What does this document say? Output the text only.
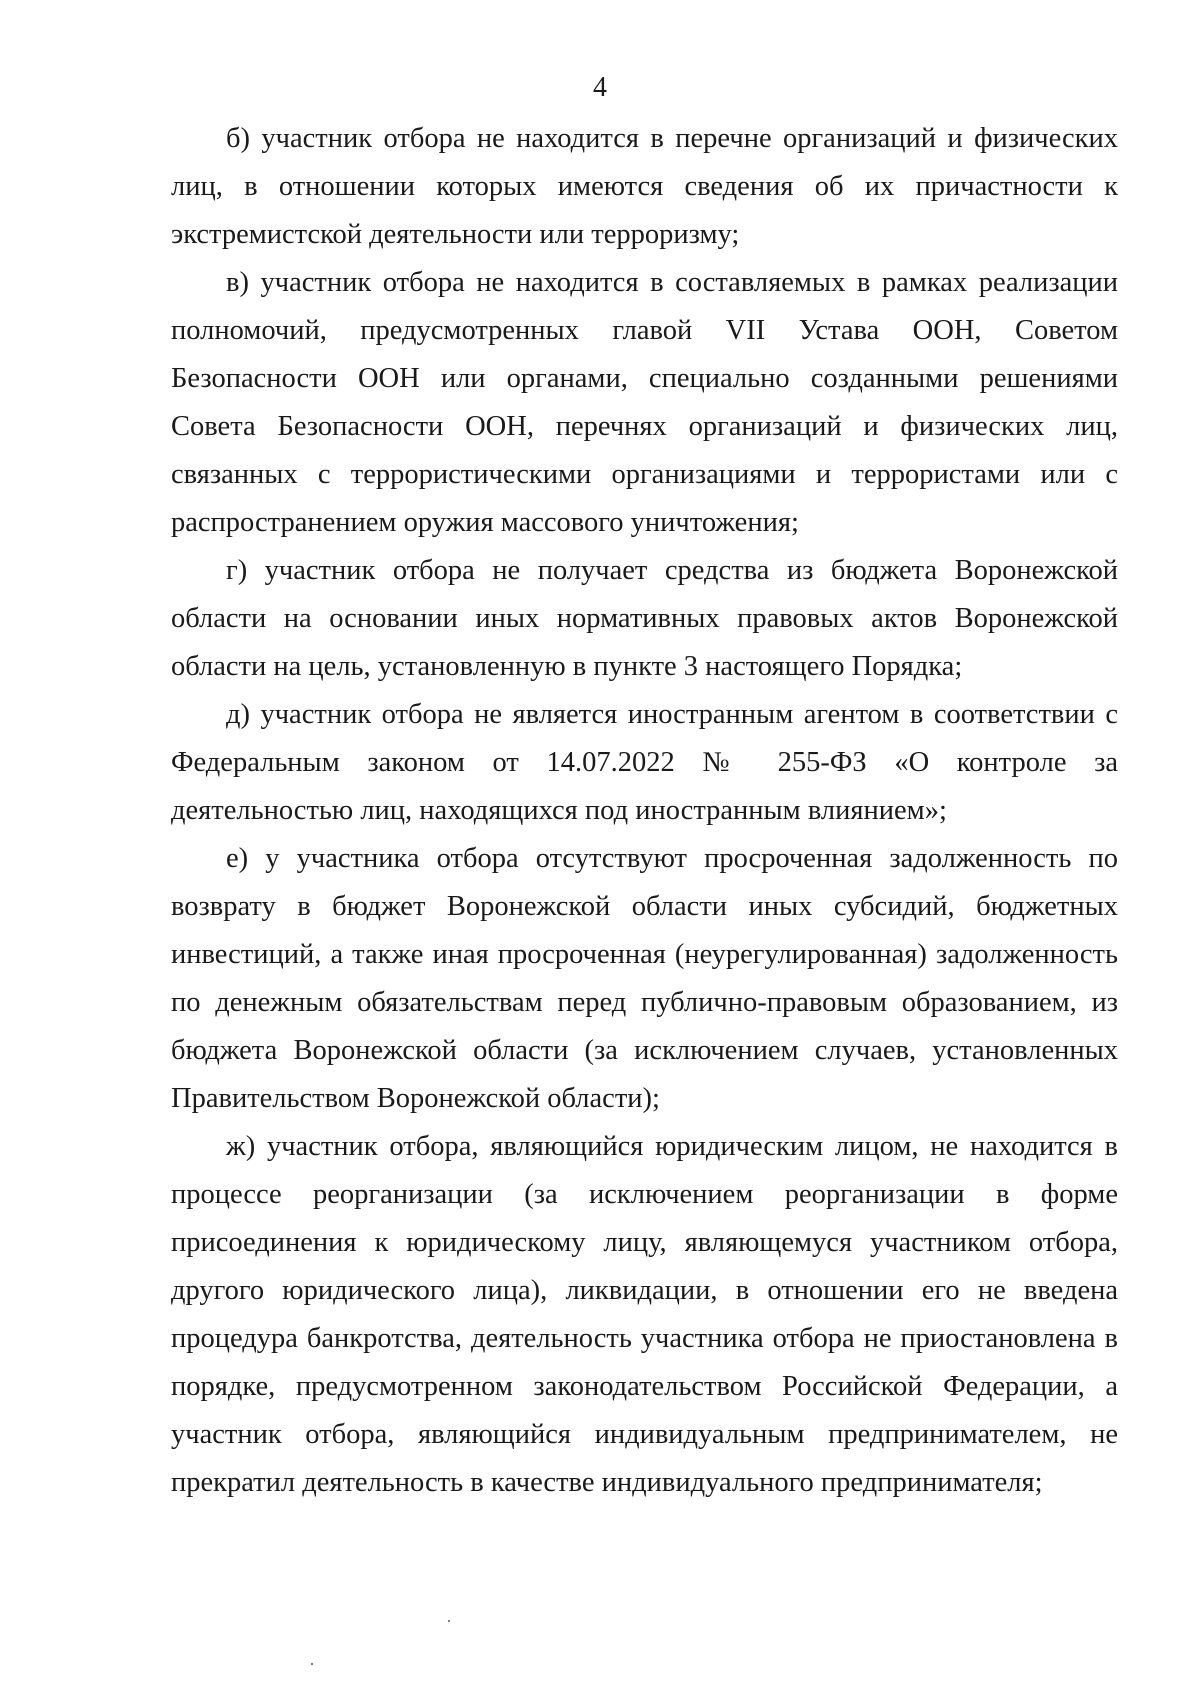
4

б) участник отбора не находится в перечне организаций и физических лиц, в отношении которых имеются сведения об их причастности к экстремистской деятельности или терроризму;

в) участник отбора не находится в составляемых в рамках реализации полномочий, предусмотренных главой VII Устава ООН, Советом Безопасности ООН или органами, специально созданными решениями Совета Безопасности ООН, перечнях организаций и физических лиц, связанных с террористическими организациями и террористами или с распространением оружия массового уничтожения;

г) участник отбора не получает средства из бюджета Воронежской области на основании иных нормативных правовых актов Воронежской области на цель, установленную в пункте 3 настоящего Порядка;

д) участник отбора не является иностранным агентом в соответствии с Федеральным законом от 14.07.2022 № 255-ФЗ «О контроле за деятельностью лиц, находящихся под иностранным влиянием»;

е) у участника отбора отсутствуют просроченная задолженность по возврату в бюджет Воронежской области иных субсидий, бюджетных инвестиций, а также иная просроченная (неурегулированная) задолженность по денежным обязательствам перед публично-правовым образованием, из бюджета Воронежской области (за исключением случаев, установленных Правительством Воронежской области);

ж) участник отбора, являющийся юридическим лицом, не находится в процессе реорганизации (за исключением реорганизации в форме присоединения к юридическому лицу, являющемуся участником отбора, другого юридического лица), ликвидации, в отношении его не введена процедура банкротства, деятельность участника отбора не приостановлена в порядке, предусмотренном законодательством Российской Федерации, а участник отбора, являющийся индивидуальным предпринимателем, не прекратил деятельность в качестве индивидуального предпринимателя;
